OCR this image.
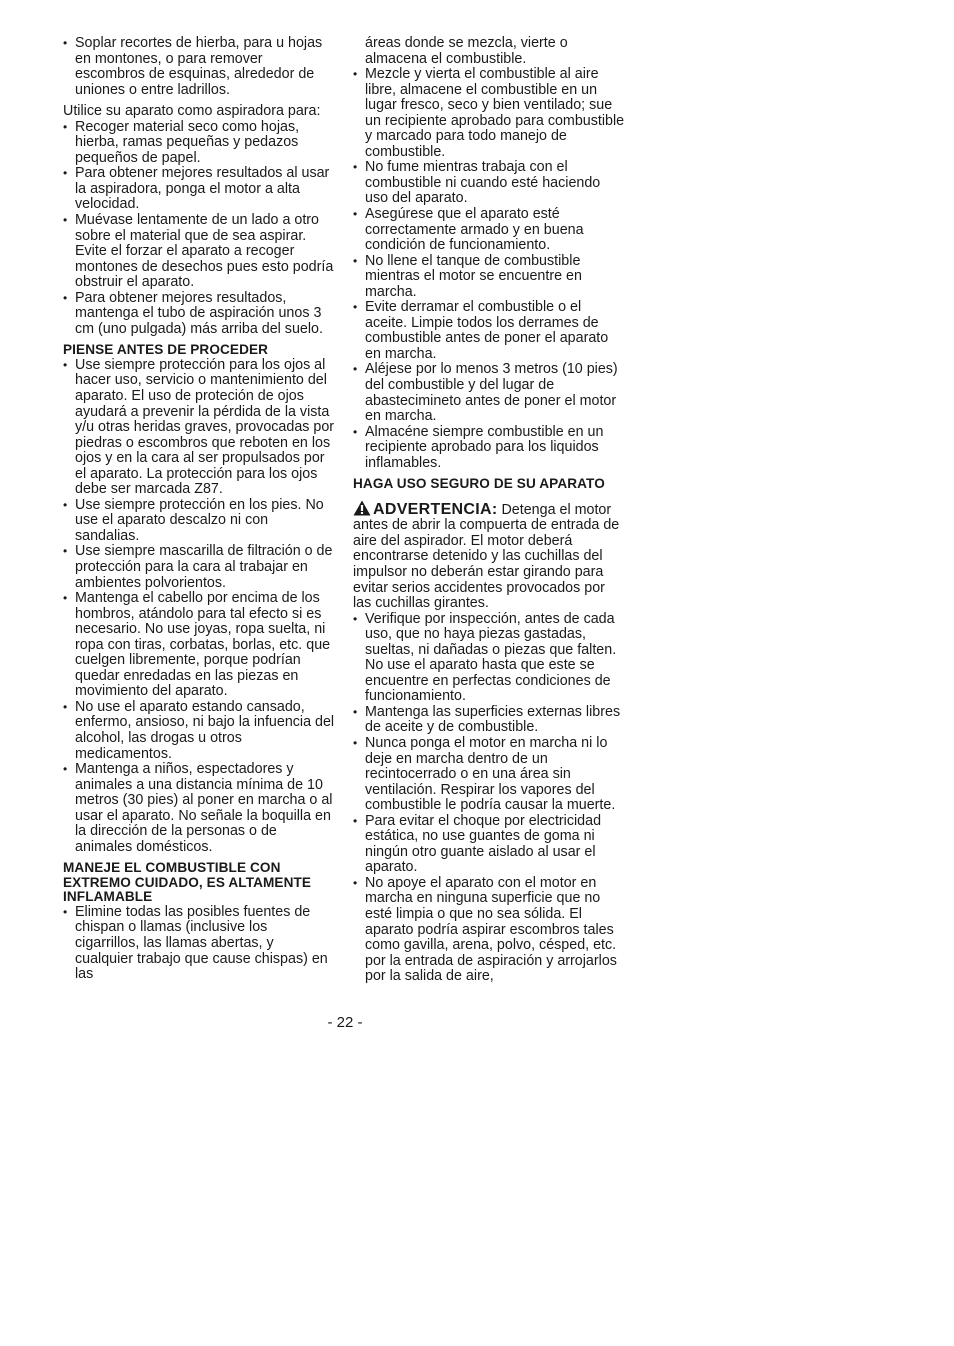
• Soplar recortes de hierba, para u hojas en montones, o para remover escombros de esquinas, alrededor de uniones o entre ladrillos.

Utilice su aparato como aspiradora para:

• Recoger material seco como hojas, hierba, ramas pequeñas y pedazos pequeños de papel.
• Para obtener mejores resultados al usar la aspiradora, ponga el motor a alta velocidad.
• Muévase lentamente de un lado a otro sobre el material que de sea aspirar. Evite el forzar el aparato a recoger montones de desechos pues esto podría obstruir el aparato.
• Para obtener mejores resultados, mantenga el tubo de aspiración unos 3 cm (uno pulgada) más arriba del suelo.
PIENSE ANTES DE PROCEDER
• Use siempre protección para los ojos al hacer uso, servicio o mantenimiento del aparato. El uso de proteción de ojos ayudará a prevenir la pérdida de la vista y/u otras heridas graves, provocadas por piedras o escombros que reboten en los ojos y en la cara al ser propulsados por el aparato. La protección para los ojos debe ser marcada Z87.
• Use siempre protección en los pies. No use el aparato descalzo ni con sandalias.
• Use siempre mascarilla de filtración o de protección para la cara al trabajar en ambientes polvorientos.
• Mantenga el cabello por encima de los hombros, atándolo para tal efecto si es necesario. No use joyas, ropa suelta, ni ropa con tiras, corbatas, borlas, etc. que cuelgen libremente, porque podrían quedar enredadas en las piezas en movimiento del aparato.
• No use el aparato estando cansado, enfermo, ansioso, ni bajo la infuencia del alcohol, las drogas u otros medicamentos.
• Mantenga a niños, espectadores y animales a una distancia mínima de 10 metros (30 pies) al poner en marcha o al usar el aparato. No señale la boquilla en la dirección de la personas o de animales domésticos.
MANEJE EL COMBUSTIBLE CON EXTREMO CUIDADO, ES ALTAMENTE INFLAMABLE
• Elimine todas las posibles fuentes de chispan o llamas (inclusive los cigarrillos, las llamas abertas, y cualquier trabajo que cause chispas) en las

áreas donde se mezcla, vierte o almacena el combustible.

• Mezcle y vierta el combustible al aire libre, almacene el combustible en un lugar fresco, seco y bien ventilado; sue un recipiente aprobado para combustible y marcado para todo manejo de combustible.
• No fume mientras trabaja con el combustible ni cuando esté haciendo uso del aparato.
• Asegúrese que el aparato esté correctamente armado y en buena condición de funcionamiento.
• No llene el tanque de combustible mientras el motor se encuentre en marcha.
• Evite derramar el combustible o el aceite. Limpie todos los derrames de combustible antes de poner el aparato en marcha.
• Aléjese por lo menos 3 metros (10 pies) del combustible y del lugar de abastecimineto antes de poner el motor en marcha.
• Almacéne siempre combustible en un recipiente aprobado para los liquidos inflamables.
HAGA USO SEGURO DE SU APARATO

ADVERTENCIA: Detenga el motor antes de abrir la compuerta de entrada de aire del aspirador. El motor deberá encontrarse detenido y las cuchillas del impulsor no deberán estar girando para evitar serios accidentes provocados por las cuchillas girantes.

• Verifique por inspección, antes de cada uso, que no haya piezas gastadas, sueltas, ni dañadas o piezas que falten. No use el aparato hasta que este se encuentre en perfectas condiciones de funcionamiento.
• Mantenga las superficies externas libres de aceite y de combustible.
• Nunca ponga el motor en marcha ni lo deje en marcha dentro de un recintocerrado o en una área sin ventilación. Respirar los vapores del combustible le podría causar la muerte.
• Para evitar el choque por electricidad estática, no use guantes de goma ni ningún otro guante aislado al usar el aparato.
• No apoye el aparato con el motor en marcha en ninguna superficie que no esté limpia o que no sea sólida. El aparato podría aspirar escombros tales como gavilla, arena, polvo, césped, etc. por la entrada de aspiración y arrojarlos por la salida de aire,
- 22 -
